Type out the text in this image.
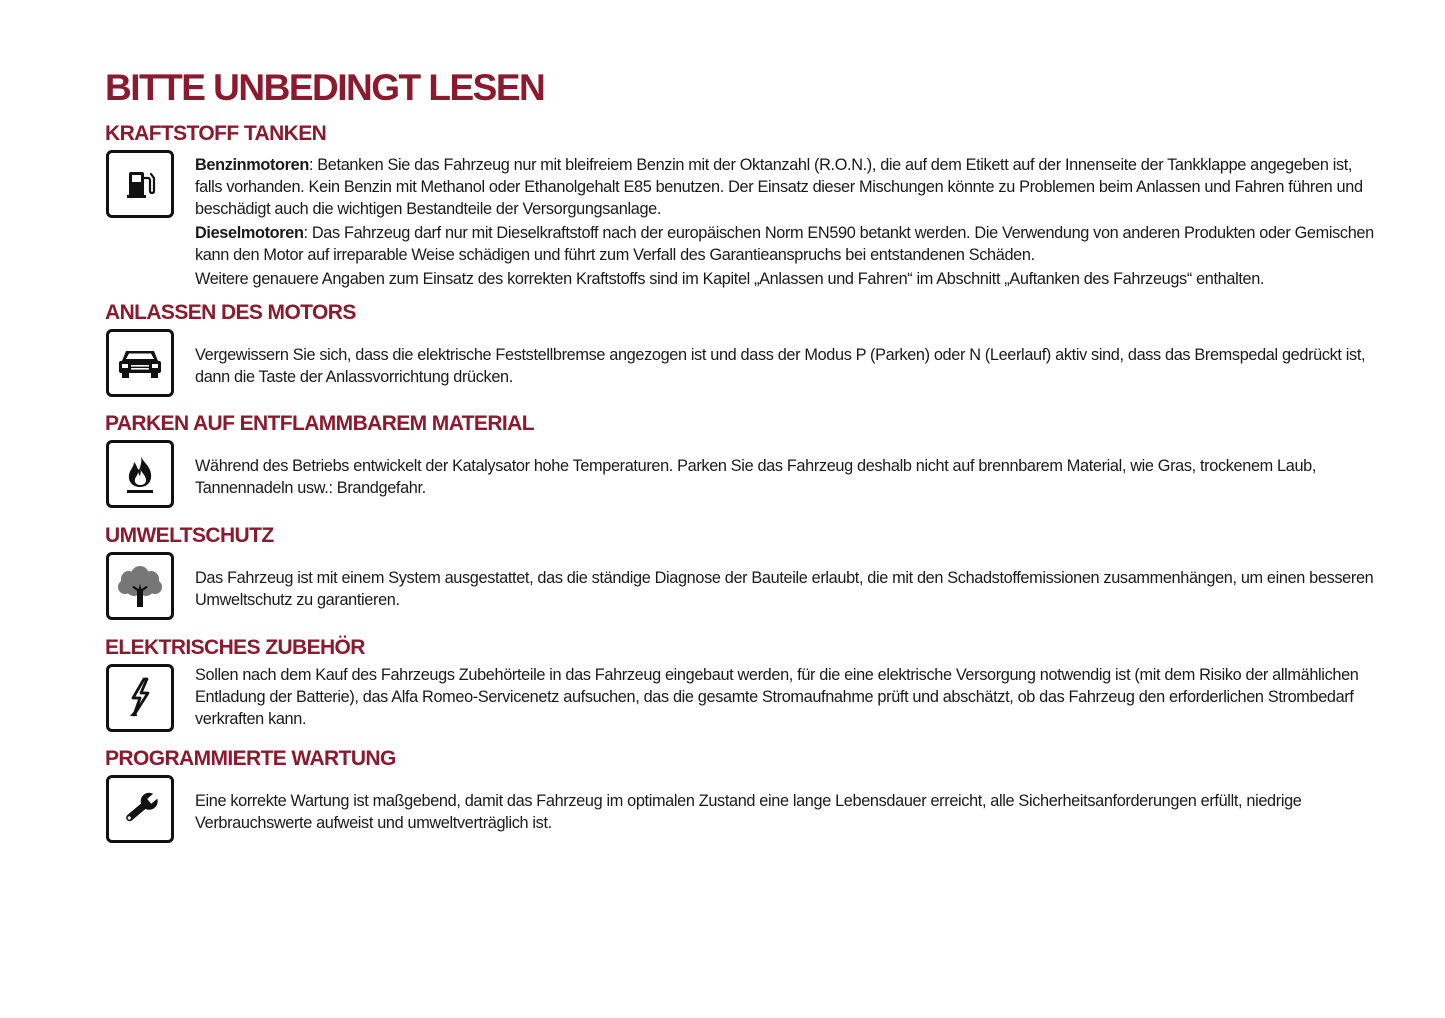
BITTE UNBEDINGT LESEN
KRAFTSTOFF TANKEN

Benzinmotoren: Betanken Sie das Fahrzeug nur mit bleifreiem Benzin mit der Oktanzahl (R.O.N.), die auf dem Etikett auf der Innenseite der Tankklappe angegeben ist, falls vorhanden. Kein Benzin mit Methanol oder Ethanolgehalt E85 benutzen. Der Einsatz dieser Mischungen könnte zu Problemen beim Anlassen und Fahren führen und beschädigt auch die wichtigen Bestandteile der Versorgungsanlage.

Dieselmotoren: Das Fahrzeug darf nur mit Dieselkraftstoff nach der europäischen Norm EN590 betankt werden. Die Verwendung von anderen Produkten oder Gemischen kann den Motor auf irreparable Weise schädigen und führt zum Verfall des Garantieanspruchs bei entstandenen Schäden.

Weitere genauere Angaben zum Einsatz des korrekten Kraftstoffs sind im Kapitel „Anlassen und Fahren“ im Abschnitt „Auftanken des Fahrzeugs“ enthalten.

ANLASSEN DES MOTORS

Vergewissern Sie sich, dass die elektrische Feststellbremse angezogen ist und dass der Modus P (Parken) oder N (Leerlauf) aktiv sind, dass das Bremspedal gedrückt ist, dann die Taste der Anlassvorrichtung drücken.

PARKEN AUF ENTFLAMMBAREM MATERIAL

Während des Betriebs entwickelt der Katalysator hohe Temperaturen. Parken Sie das Fahrzeug deshalb nicht auf brennbarem Material, wie Gras, trockenem Laub, Tannennadeln usw.: Brandgefahr.

UMWELTSCHUTZ

Das Fahrzeug ist mit einem System ausgestattet, das die ständige Diagnose der Bauteile erlaubt, die mit den Schadstoffemissionen zusammenhängen, um einen besseren Umweltschutz zu garantieren.

ELEKTRISCHES ZUBEHÖR

Sollen nach dem Kauf des Fahrzeugs Zubehörteile in das Fahrzeug eingebaut werden, für die eine elektrische Versorgung notwendig ist (mit dem Risiko der allmählichen Entladung der Batterie), das Alfa Romeo-Servicenetz aufsuchen, das die gesamte Stromaufnahme prüft und abschätzt, ob das Fahrzeug den erforderlichen Strombedarf verkraften kann.

PROGRAMMIERTE WARTUNG

Eine korrekte Wartung ist maßgebend, damit das Fahrzeug im optimalen Zustand eine lange Lebensdauer erreicht, alle Sicherheitsanforderungen erfüllt, niedrige Verbrauchswerte aufweist und umweltverträglich ist.
